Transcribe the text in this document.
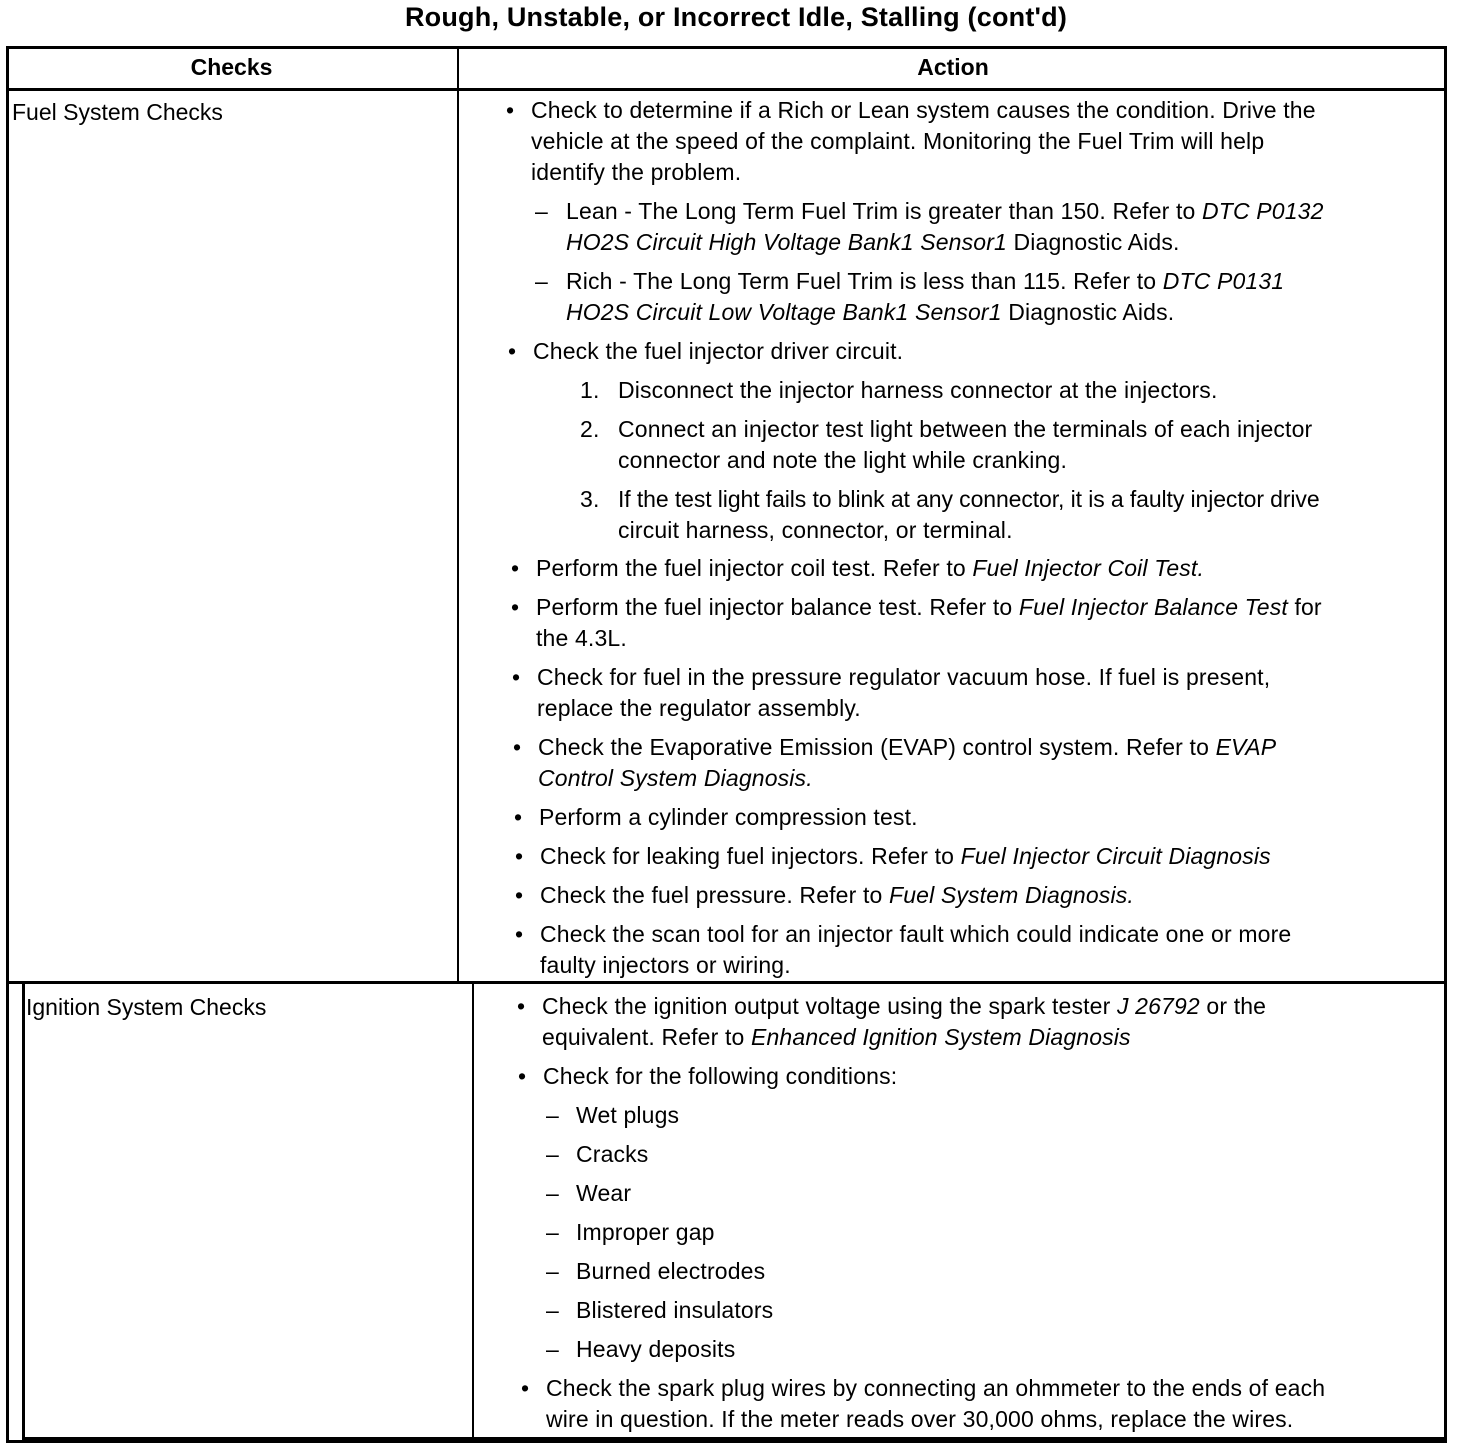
Rough, Unstable, or Incorrect Idle, Stalling (cont'd)
Checks	Action
Fuel System Checks	• Check to determine if a Rich or Lean system causes the condition. Drive the
vehicle at the speed of the complaint. Monitoring the Fuel Trim will help
identify the problem.
– Lean - The Long Term Fuel Trim is greater than 150. Refer to DTC P0132
HO2S Circuit High Voltage Bank1 Sensor1 Diagnostic Aids.
– Rich - The Long Term Fuel Trim is less than 115. Refer to DTC P0131
HO2S Circuit Low Voltage Bank1 Sensor1 Diagnostic Aids.
• Check the fuel injector driver circuit.
1. Disconnect the injector harness connector at the injectors.
2. Connect an injector test light between the terminals of each injector
connector and note the light while cranking.
3. If the test light fails to blink at any connector, it is a faulty injector drive
circuit harness, connector, or terminal.
• Perform the fuel injector coil test. Refer to Fuel Injector Coil Test.
• Perform the fuel injector balance test. Refer to Fuel Injector Balance Test for
the 4.3L.
• Check for fuel in the pressure regulator vacuum hose. If fuel is present,
replace the regulator assembly.
• Check the Evaporative Emission (EVAP) control system. Refer to EVAP
Control System Diagnosis.
• Perform a cylinder compression test.
• Check for leaking fuel injectors. Refer to Fuel Injector Circuit Diagnosis
• Check the fuel pressure. Refer to Fuel System Diagnosis.
• Check the scan tool for an injector fault which could indicate one or more
faulty injectors or wiring.
Ignition System Checks	• Check the ignition output voltage using the spark tester J 26792 or the
equivalent. Refer to Enhanced Ignition System Diagnosis
• Check for the following conditions:
– Wet plugs
– Cracks
– Wear
– Improper gap
– Burned electrodes
– Blistered insulators
– Heavy deposits
• Check the spark plug wires by connecting an ohmmeter to the ends of each
wire in question. If the meter reads over 30,000 ohms, replace the wires.
